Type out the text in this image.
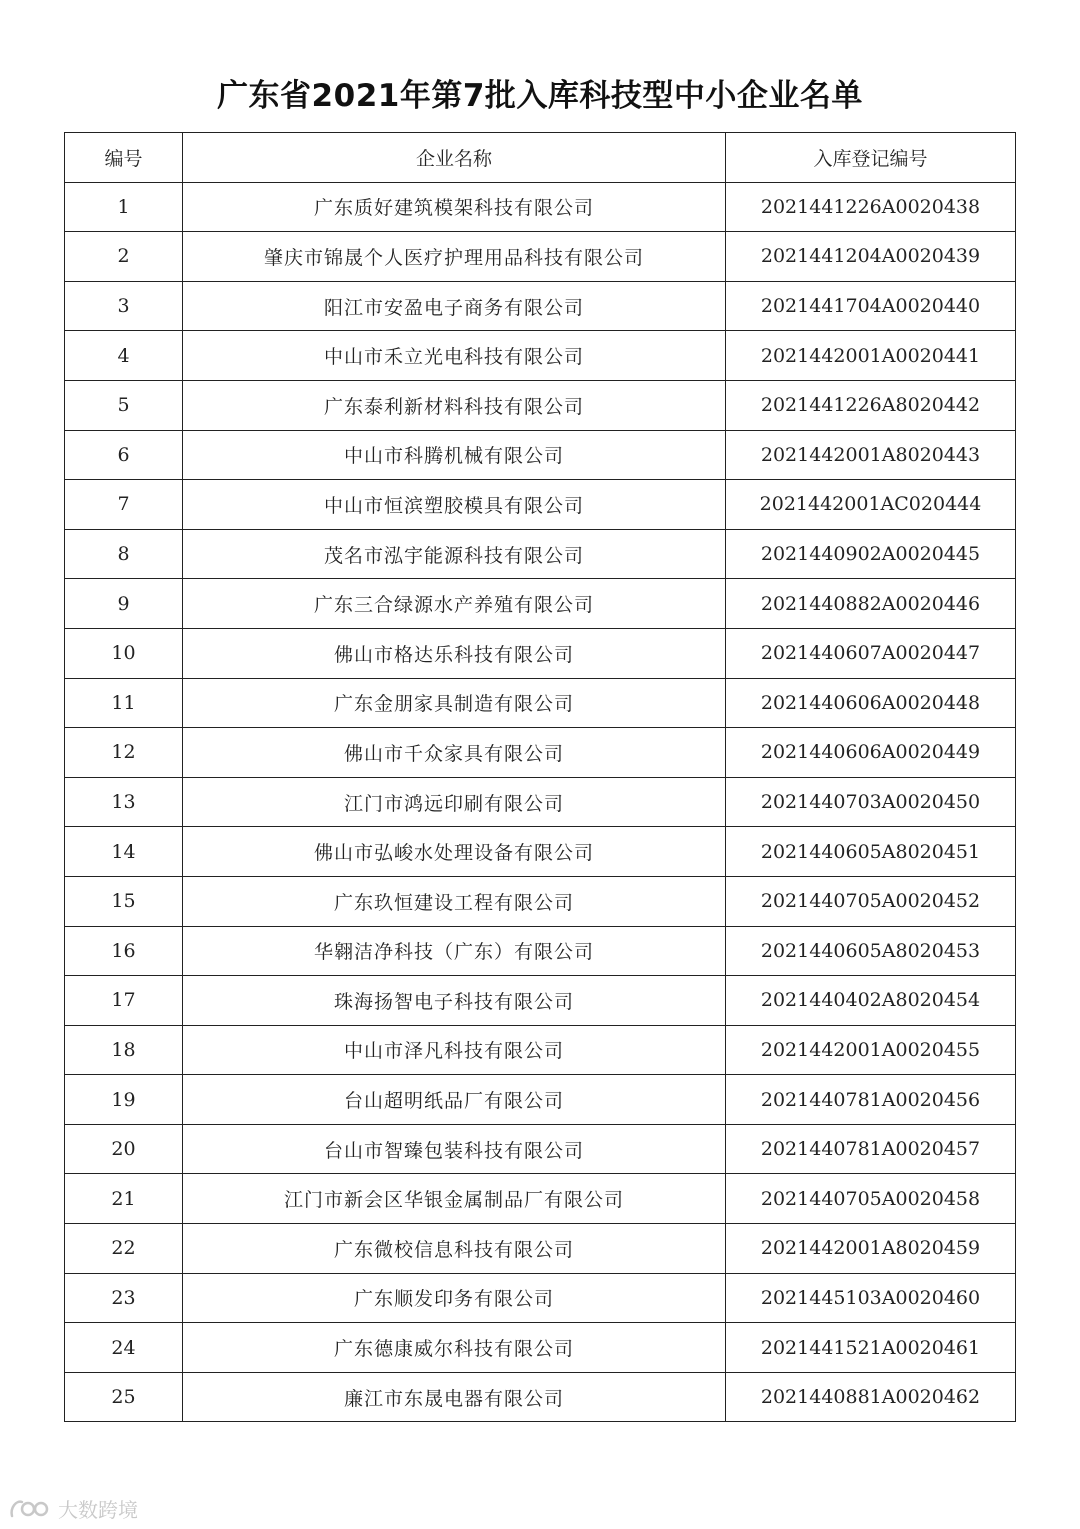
广东省2021年第7批入库科技型中小企业名单
编号	企业名称	入库登记编号
1	广东质好建筑模架科技有限公司	2021441226A0020438
2	肇庆市锦晟个人医疗护理用品科技有限公司	2021441204A0020439
3	阳江市安盈电子商务有限公司	2021441704A0020440
4	中山市禾立光电科技有限公司	2021442001A0020441
5	广东泰利新材料科技有限公司	2021441226A8020442
6	中山市科腾机械有限公司	2021442001A8020443
7	中山市恒滨塑胶模具有限公司	2021442001AC020444
8	茂名市泓宇能源科技有限公司	2021440902A0020445
9	广东三合绿源水产养殖有限公司	2021440882A0020446
10	佛山市格达乐科技有限公司	2021440607A0020447
11	广东金朋家具制造有限公司	2021440606A0020448
12	佛山市千众家具有限公司	2021440606A0020449
13	江门市鸿远印刷有限公司	2021440703A0020450
14	佛山市弘峻水处理设备有限公司	2021440605A8020451
15	广东玖恒建设工程有限公司	2021440705A0020452
16	华翱洁净科技（广东）有限公司	2021440605A8020453
17	珠海扬智电子科技有限公司	2021440402A8020454
18	中山市泽凡科技有限公司	2021442001A0020455
19	台山超明纸品厂有限公司	2021440781A0020456
20	台山市智臻包装科技有限公司	2021440781A0020457
21	江门市新会区华银金属制品厂有限公司	2021440705A0020458
22	广东微校信息科技有限公司	2021442001A8020459
23	广东顺发印务有限公司	2021445103A0020460
24	广东德康威尔科技有限公司	2021441521A0020461
25	廉江市东晟电器有限公司	2021440881A0020462
大数跨境
